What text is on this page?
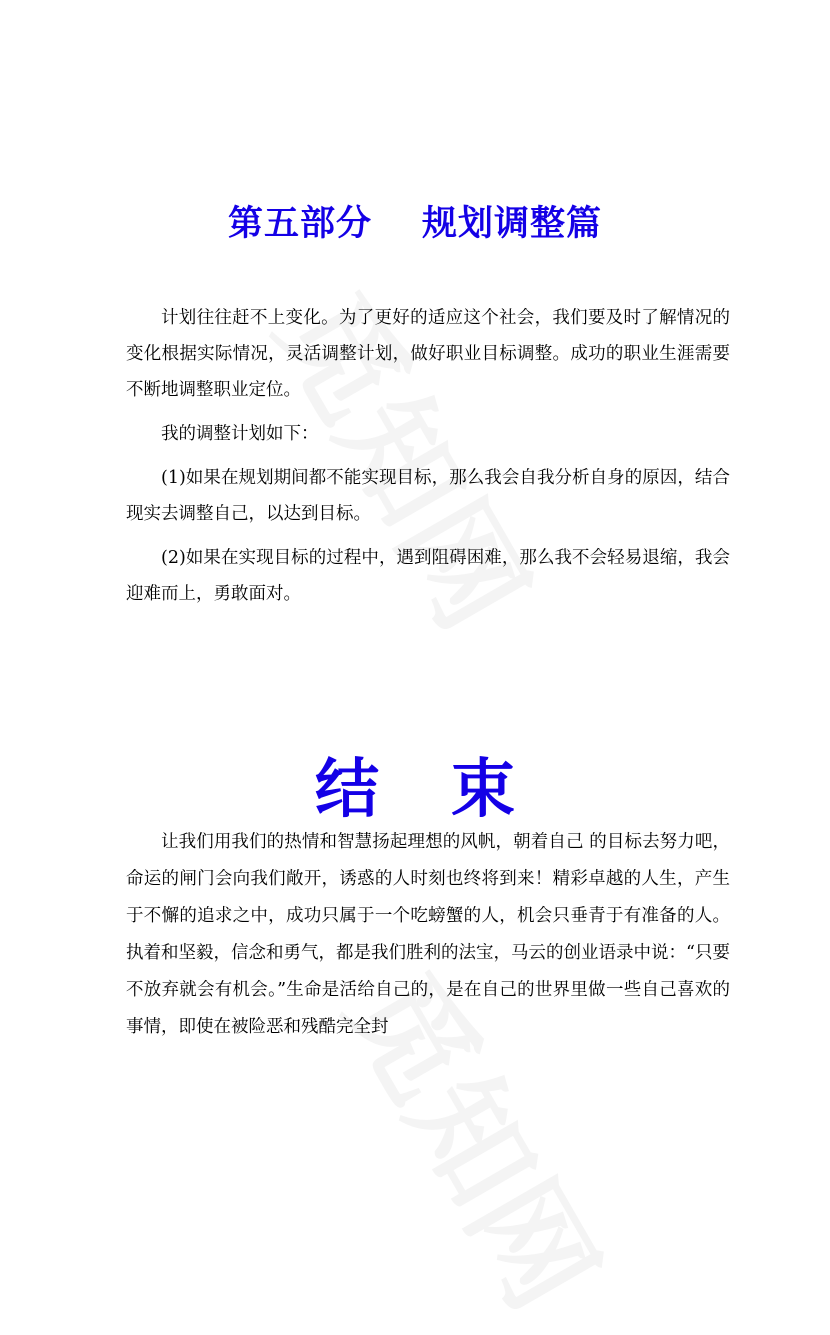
第五部分 规划调整篇

计划往往赶不上变化。为了更好的适应这个社会，我们要及时了解情况的变化根据实际情况，灵活调整计划，做好职业目标调整。成功的职业生涯需要不断地调整职业定位。

我的调整计划如下：

(1)如果在规划期间都不能实现目标，那么我会自我分析自身的原因，结合现实去调整自己，以达到目标。

(2)如果在实现目标的过程中，遇到阻碍困难，那么我不会轻易退缩，我会迎难而上，勇敢面对。

结 束

让我们用我们的热情和智慧扬起理想的风帆，朝着自己 的目标去努力吧，命运的闸门会向我们敞开，诱惑的人时刻也终将到来！精彩卓越的人生，产生于不懈的追求之中，成功只属于一个吃螃蟹的人，机会只垂青于有准备的人。执着和坚毅，信念和勇气，都是我们胜利的法宝，马云的创业语录中说：“只要不放弃就会有机会。”生命是活给自己的，是在自己的世界里做一些自己喜欢的事情，即使在被险恶和残酷完全封
